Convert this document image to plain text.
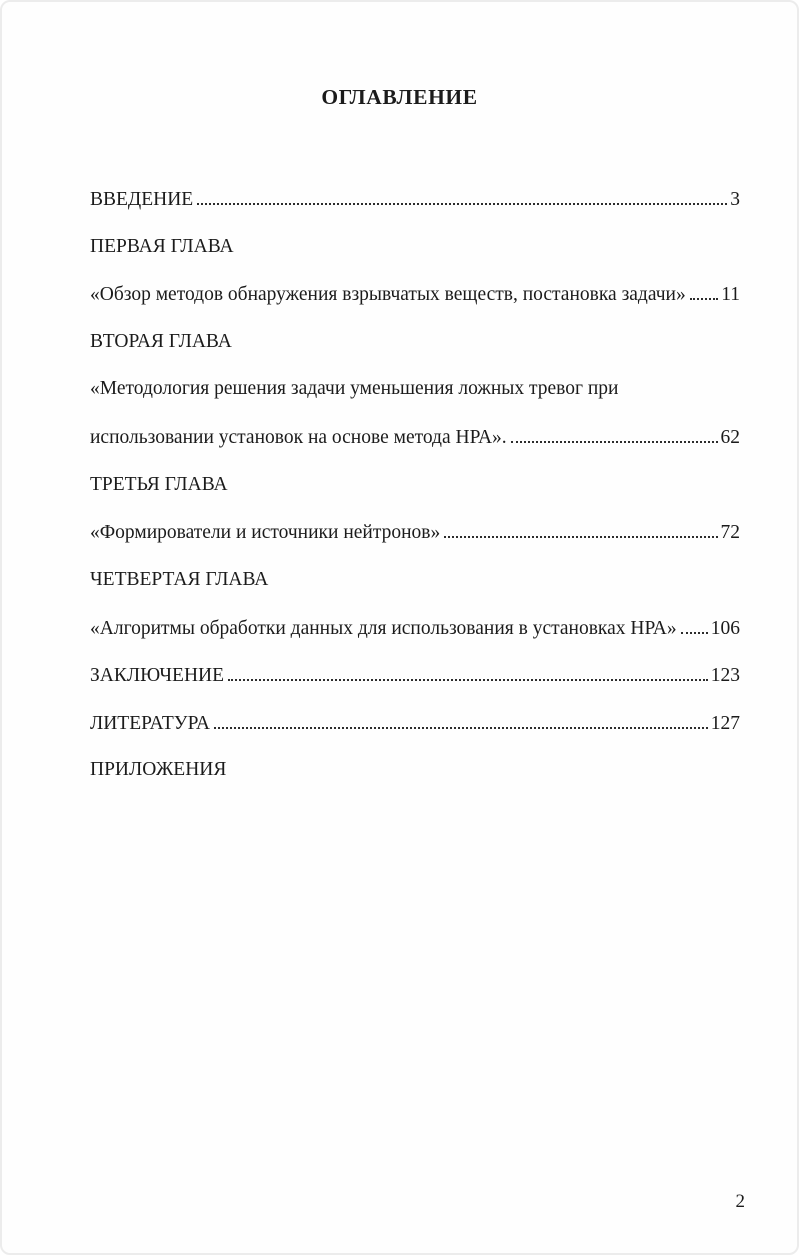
ОГЛАВЛЕНИЕ
ВВЕДЕНИЕ	3
ПЕРВАЯ ГЛАВА
«Обзор методов обнаружения взрывчатых веществ, постановка задачи» 11
ВТОРАЯ ГЛАВА
«Методология решения задачи уменьшения ложных тревог при
использовании установок на основе метода НРА».	62
ТРЕТЬЯ ГЛАВА
«Формирователи и источники нейтронов»	72
ЧЕТВЕРТАЯ ГЛАВА
«Алгоритмы обработки данных для использования в установках НРА» 106
ЗАКЛЮЧЕНИЕ	123
ЛИТЕРАТУРА	127
ПРИЛОЖЕНИЯ
2
